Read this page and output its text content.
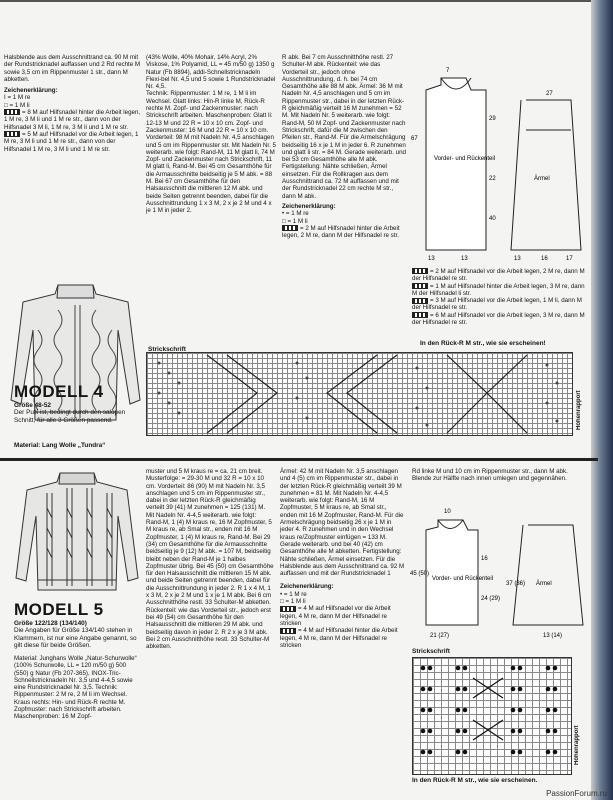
Halsblende aus dem Ausschnittrand ca. 90 M mit der Rundstricknadel auffassen und 2 Rd rechte M sowie 3,5 cm im Rippenmuster 1 str., dann M abketten.

Zeichenerklärung:

I = 1 M re

□ = 1 M li

= 8 M auf Hilfsnadel hinter die Arbeit legen, 1 M re, 3 M li und 1 M re str., dann von der Hilfsnadel 3 M li, 1 M re, 3 M li und 1 M re str.

= 5 M auf Hilfsnadel vor die Arbeit legen, 1 M re, 3 M li und 1 M re str., dann von der Hilfsnadel 1 M re, 3 M li und 1 M re str.

MODELL 4
Größe 48-52
Der Pulli ist, bedingt durch den salopen Schnitt, für alle 3 Größen passend.
Material: Lang Wolle „Tundra“

(43% Wolle, 40% Mohair, 14% Acryl, 2% Viskose, 1% Polyamid, LL = 45 m/50 g) 1350 g Natur (Fb 8894), addi-Schnellstricknadeln Flexi-bel Nr. 4,5 und 5 sowie 1 Rundstricknadel Nr. 4,5.

Technik: Rippenmuster: 1 M re, 1 M li im Wechsel. Glatt links: Hin-R linke M, Rück-R rechte M. Zopf- und Zackenmuster: nach Strickschrift arbeiten. Maschenproben: Glatt li: 12-13 M und 22 R = 10 x 10 cm. Zopf- und Zackenmuster: 16 M und 22 R = 10 x 10 cm. Vorderteil: 98 M mit Nadeln Nr. 4,5 anschlagen und 5 cm im Rippenmuster str. Mit Nadeln Nr. 5 weiterarb. wie folgt: Rand-M, 11 M glatt li, 74 M Zopf- und Zackenmuster nach Strickschrift, 11 M glatt li, Rand-M. Bei 45 cm Gesamthöhe für die Armausschnitte beidseitig je 5 M abk. = 88 M. Bei 67 cm Gesamthöhe für den Halsausschnitt die mittleren 12 M abk. und beide Seiten getrennt beenden, dabei für die Ausschnittrundung 1 x 3 M, 2 x je 2 M und 4 x je 1 M in jeder 2.

R abk. Bei 7 cm Ausschnitthöhe restl. 27 Schulter-M abk. Rückenteil: wie das Vorderteil str., jedoch ohne Ausschnittrundung, d. h. bei 74 cm Gesamthöhe alle 88 M abk. Ärmel: 36 M mit Nadeln Nr. 4,5 anschlagen und 5 cm im Rippenmuster str., dabei in der letzten Rück-R gleichmäßig verteilt 16 M zunehmen = 52 M. Mit Nadeln Nr. 5 weiterarb. wie folgt: Rand-M, 50 M Zopf- und Zackenmuster nach Strickschrift, dafür die M zwischen den Pfeilen str., Rand-M. Für die Armelschrägung beidseitig 16 x je 1 M in jeder 6. R zunehmen und glatt li str. = 84 M. Gerade weiterarb. und bei 53 cm Gesamthöhe alle M abk. Fertigstellung: Nähte schließen, Ärmel einsetzen. Für die Rollkragen aus dem Ausschnittrand ca. 72 M auffassen und mit der Rundstricknadel 22 cm rechte M str., dann M abk.

Zeichenerklärung:

• = 1 M re

□ = 1 M li

= 2 M auf Hilfsnadel hinter die Arbeit legen, 2 M re, dann M der Hilfsnadel re str.

Vorder- und Rückenteil
Ärmel
29
7
22
67
40
13	13
27
13	16	17

= 2 M auf Hilfsnadel vor die Arbeit legen, 2 M re, dann M der Hilfsnadel re str.

= 1 M auf Hilfsnadel hinter die Arbeit legen, 3 M re, dann M der Hilfsnadel li str.

= 3 M auf Hilfsnadel vor die Arbeit legen, 1 M li, dann M der Hilfsnadel re str.

= 6 M auf Hilfsnadel vor die Arbeit legen, 3 M re, dann M der Hilfsnadel re str.

Strickschrift
In den Rück-R M str., wie sie erscheinen!
Höhenrapport
MODELL 5
Größe 122/128 (134/140)
Die Angaben für Größe 134/140 stehen in Klammern, ist nur eine Angabe genannt, so gilt diese für beide Größen.

Material: Junghans Wolle „Natur-Schurwolle“ (100% Schurwolle, LL = 120 m/50 g) 500 (550) g Natur (Fb 207-365), INOX-Tric-Schnellstricknadeln Nr. 3,5 und 4-4,5 sowie eine Rundstricknadel Nr. 3,5. Technik: Rippenmuster: 2 M re, 2 M li im Wechsel. Kraus rechts: Hin- und Rück-R rechte M. Zopfmuster: nach Strickschrift arbeiten. Maschenproben: 16 M Zopf-

muster und 5 M kraus re = ca. 21 cm breit. Musterfolge: = 29-30 M und 32 R = 10 x 10 cm. Vorderteil: 86 (90) M mit Nadeln Nr. 3,5 anschlagen und 5 cm im Rippenmuster str., dabei in der letzten Rück-R gleichmäßig verteilt 39 (41) M zunehmen = 125 (131) M. Mit Nadeln Nr. 4-4,5 weiterarb. wie folgt: Rand-M, 1 (4) M kraus re, 16 M Zopfmuster, 5 M kraus re, ab Smal str., enden mit 16 M Zopfmuster, 1 (4) M kraus re, Rand-M. Bei 29 (34) cm Gesamthöhe für die Armausschnitte beidseitig je 9 (12) M abk. = 107 M, beidseitig bleibt neben der Rand-M je 1 halbes Zopfmuster übrig. Bei 45 (50) cm Gesamthöhe für den Halsausschnitt die mittleren 15 M abk. und beide Seiten getrennt beenden, dabei für die Ausschnittrundung in jeder 2. R 1 x 4 M, 1 x 3 M, 2 x je 2 M und 1 x je 1 M abk. Bei 6 cm Ausschnitthöhe restl. 33 Schulter-M abketten. Rückenteil: wie das Vorderteil str., jedoch erst bei 49 (54) cm Gesamthöhe für den Halsausschnitt die mittleren 29 M abk. und beidseitig davon in jeder 2. R 2 x je 3 M abk. Bei 2 cm Ausschnitthöhe restl. 33 Schulter-M abketten.

Ärmel: 42 M mit Nadeln Nr. 3,5 anschlagen und 4 (5) cm im Rippenmuster str., dabei in der letzten Rück-R gleichmäßig verteilt 39 M zunehmen = 81 M. Mit Nadeln Nr. 4-4,5 weiterarb. wie folgt: Rand-M, 16 M Zopfmuster, 5 M kraus re, ab Smal str., enden mit 16 M Zopfmuster, Rand-M. Für die Armelschrägung beidseitig 26 x je 1 M in jeder 4. R zunehmen und in den Wechsel kraus re/Zopfmuster einfügen = 133 M. Gerade weiterarb. und bei 40 (42) cm Gesamthöhe alle M abketten. Fertigstellung: Nähte schließen, Ärmel einsetzen. Für die Halsblende aus dem Ausschnittrand ca. 92 M auffassen und mit der Rundstricknadel 1

Zeichenerklärung:

• = 1 M re

□ = 1 M li

= 4 M auf Hilfsnadel vor die Arbeit legen, 4 M re, dann M der Hilfsnadel re stricken

= 4 M auf Hilfsnadel hinter die Arbeit legen, 4 M re, dann M der Hilfsnadel re stricken

Rd linke M und 10 cm im Rippenmuster str., dann M abk. Blende zur Hälfte nach innen umlegen und gegennähen.

Vorder- und Rückenteil
Ärmel
10
45 (50)
16
24 (29)
21 (27)
37 (36)
13 (14)
Strickschrift
Höhenrapport
In den Rück-R M str., wie sie erscheinen.
PassionForum.ru
